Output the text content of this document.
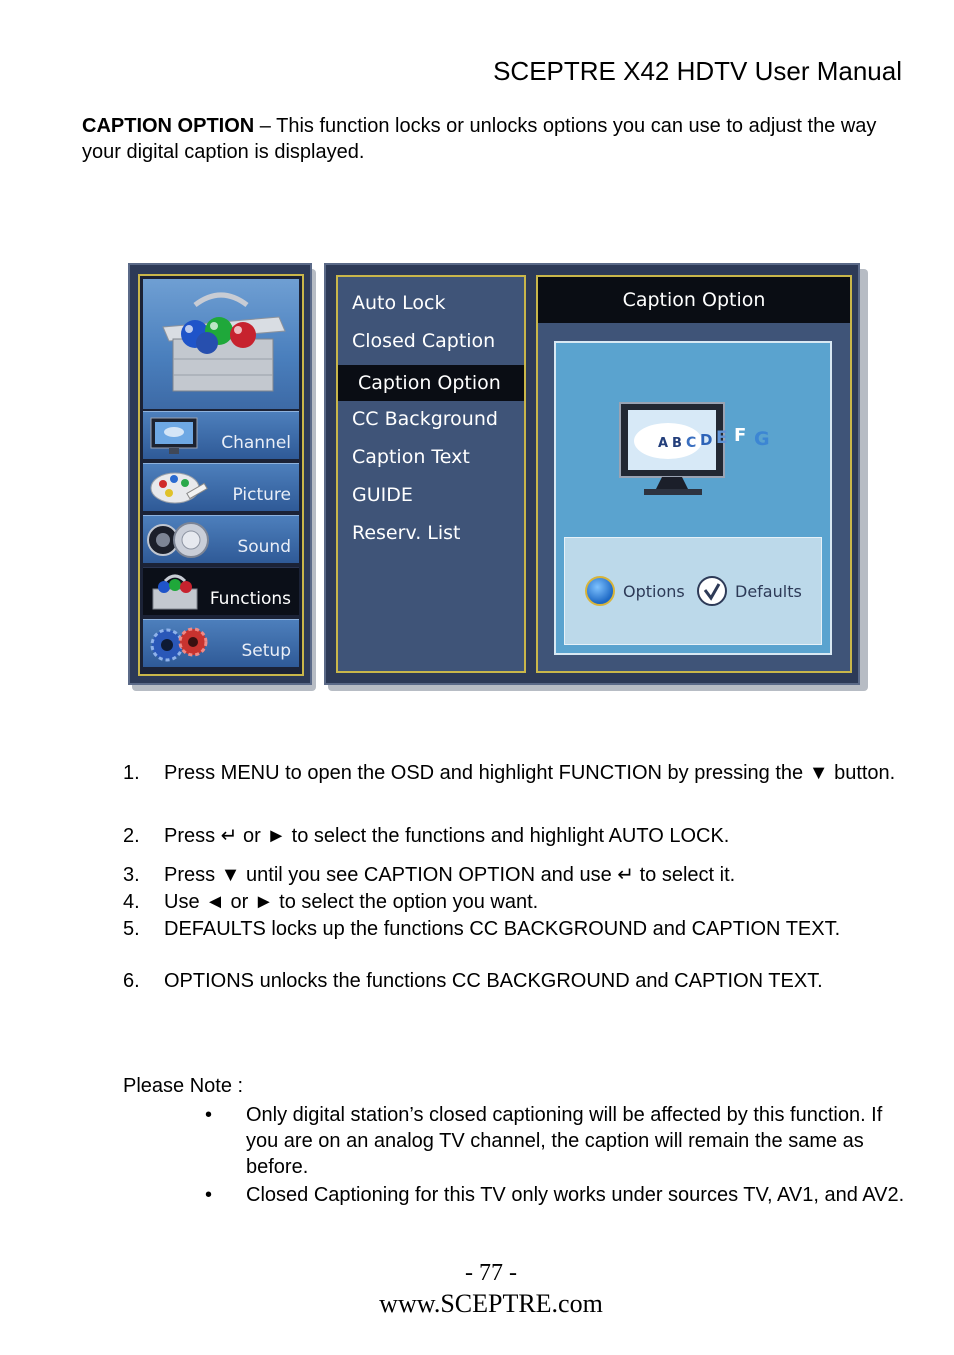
SCEPTRE X42 HDTV User Manual
CAPTION OPTION – This function locks or unlocks options you can use to adjust the way your digital caption is displayed.
Channel
Picture
Sound
Functions
Setup
Auto Lock
Closed Caption
Caption Option
CC Background
Caption Text
GUIDE
Reserv. List
Caption Option
A B C D E F G
Options	Defaults
1. Press MENU to open the OSD and highlight FUNCTION by pressing the ▼ button.
2. Press ↵ or ► to select the functions and highlight AUTO LOCK.
3. Press ▼ until you see CAPTION OPTION and use ↵ to select it.
4. Use ◄ or ► to select the option you want.
5. DEFAULTS locks up the functions CC BACKGROUND and CAPTION TEXT.
6. OPTIONS unlocks the functions CC BACKGROUND and CAPTION TEXT.
Please Note :
• Only digital station’s closed captioning will be affected by this function. If you are on an analog TV channel, the caption will remain the same as before.
• Closed Captioning for this TV only works under sources TV, AV1, and AV2.
- 77 -
www.SCEPTRE.com
